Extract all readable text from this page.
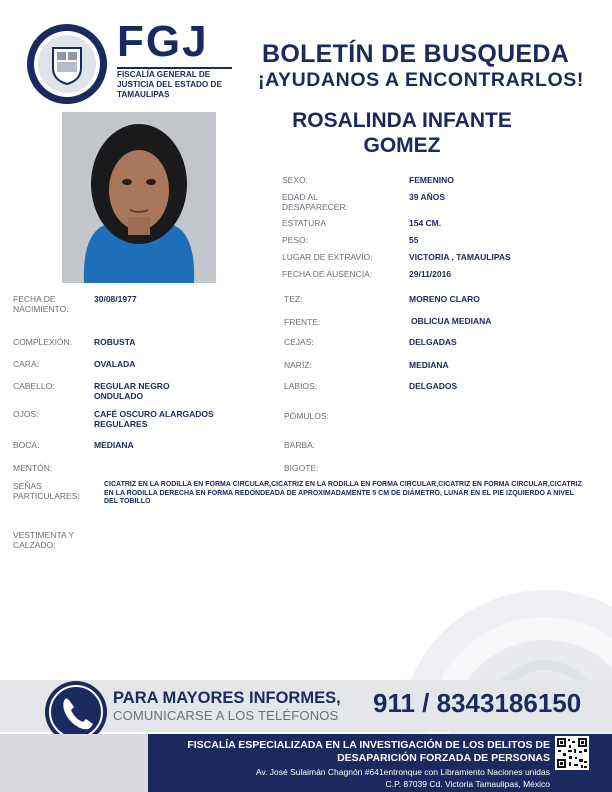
FGJ
FISCALÍA GENERAL DE JUSTICIA DEL ESTADO DE TAMAULIPAS
BOLETÍN DE BUSQUEDA
¡AYUDANOS A ENCONTRARLOS!
ROSALINDA INFANTE GOMEZ
SEXO:	FEMENINO
EDAD AL DESAPARECER:
39 AÑOS
ESTATURA	154 CM.
PESO:	55
LUGAR DE EXTRAVÍO:	VICTORIA , TAMAULIPAS
FECHA DE AUSENCIA:	29/11/2016
FECHA DE NACIMIENTO:
30/08/1977
COMPLEXIÓN:	ROBUSTA
CARA:	OVALADA
CABELLO:	REGULAR NEGRO ONDULADO
OJOS:	CAFÉ OSCURO ALARGADOS REGULARES
BOCA:	MEDIANA
MENTÓN:
TEZ:	MORENO CLARO
FRENTE:	OBLICUA MEDIANA
CEJAS:	DELGADAS
NARÍZ:	MEDIANA
LABIOS:	DELGADOS
PÓMULOS:
BARBA:
BIGOTE:
SEÑAS PARTICULARES:
CICATRIZ EN LA RODILLA EN FORMA CIRCULAR,CICATRIZ EN LA RODILLA EN FORMA CIRCULAR,CICATRIZ EN FORMA CIRCULAR,CICATRIZ EN LA RODILLA DERECHA EN FORMA REDONDEADA DE APROXIMADAMENTE 5 CM DE DIÁMETRO, LUNAR EN EL PIE IZQUIERDO A NIVEL DEL TOBILLO
VESTIMENTA Y CALZADO:
PARA MAYORES INFORMES,
COMUNICARSE A LOS TELÉFONOS 911 / 8343186150
FISCALÍA ESPECIALIZADA EN LA INVESTIGACIÓN DE LOS DELITOS DE
DESAPARICIÓN FORZADA DE PERSONAS
Av. José Sulaimán Chagnón #641entronque con Libramiento Naciones unidas
C.P. 87039 Cd. Victoria Tamaulipas, México
